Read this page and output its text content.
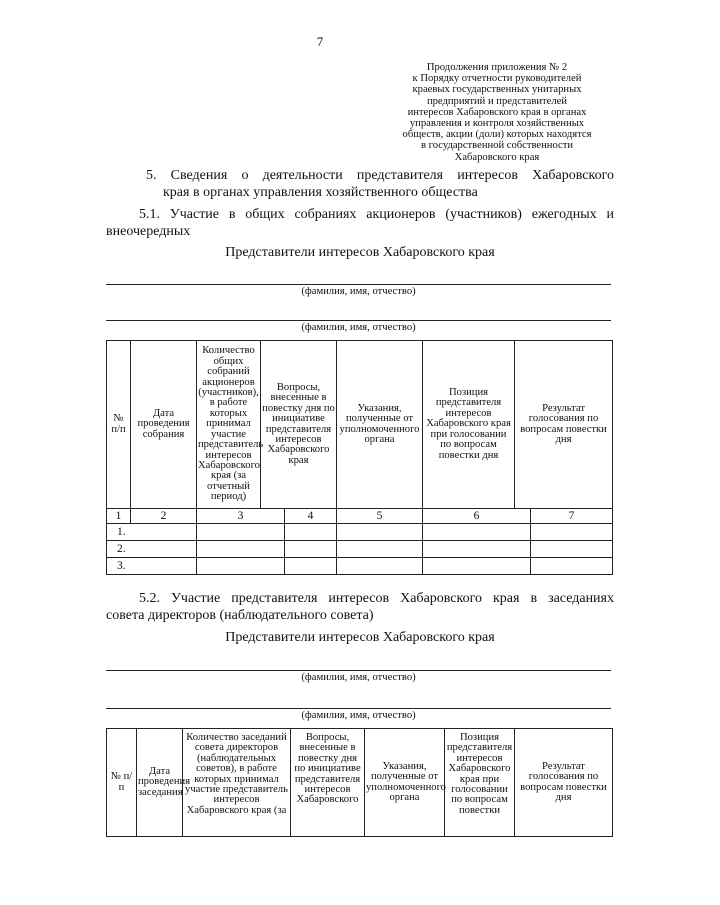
7
Продолжения приложения № 2
к Порядку отчетности руководителей
краевых государственных унитарных
предприятий и представителей
интересов Хабаровского края в органах
управления и контроля хозяйственных
обществ, акции (доли) которых находятся
в государственной собственности
Хабаровского края
5. Сведения о деятельности представителя интересов Хабаровского
края в органах управления хозяйственного общества
5.1. Участие в общих собраниях акционеров (участников) ежегодных и
внеочередных
Представители интересов Хабаровского края
(фамилия, имя, отчество)
(фамилия, имя, отчество)
№ п/п	Дата проведения собрания	Количество общих собраний акционеров (участников), в работе которых принимал участие представитель интересов Хабаровского края (за отчетный период)	Вопросы, внесенные в повестку дня по инициативе представителя интересов Хабаровского края		Указания, полученные от уполномоченного органа	Позиция представителя интересов Хабаровского края при голосовании по вопросам повестки дня	Результат голосования по вопросам повестки дня	
1	2	3		4	5	6		7
1.								
2.								
3.								
5.2. Участие представителя интересов Хабаровского края в заседаниях
совета директоров (наблюдательного совета)
Представители интересов Хабаровского края
(фамилия, имя, отчество)
(фамилия, имя, отчество)
№ п/п	Дата проведения заседания	Количество заседаний совета директоров (наблюдательных советов), в работе которых принимал участие представитель интересов Хабаровского края (за	Вопросы, внесенные в повестку дня по инициативе представителя интересов Хабаровского	Указания, полученные от уполномоченного органа	Позиция представителя интересов Хабаровского края при голосовании по вопросам повестки	Результат голосования по вопросам повестки дня
